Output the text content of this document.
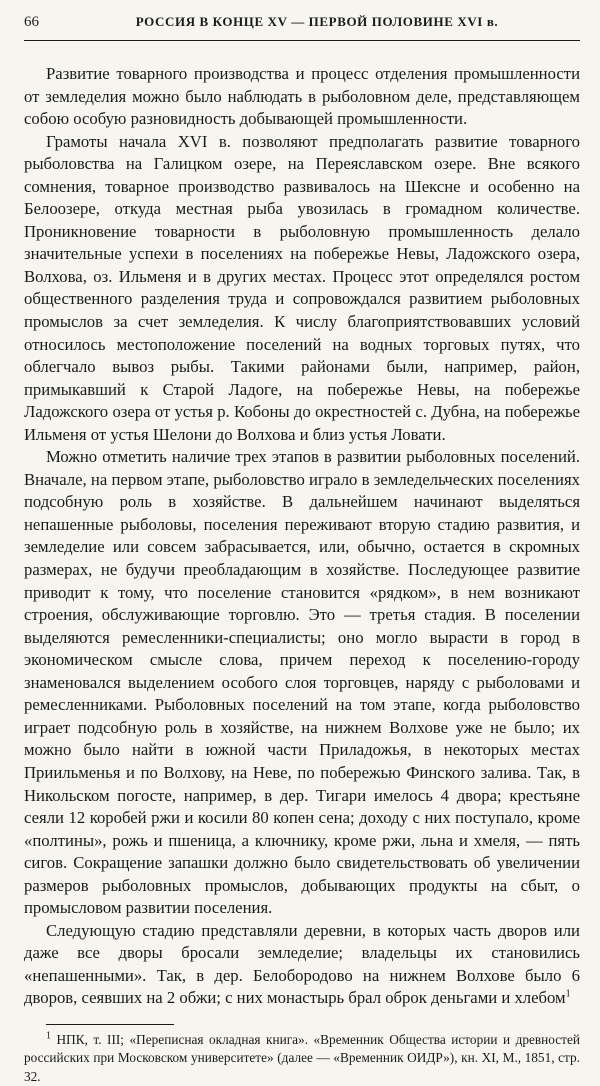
66	РОССИЯ В КОНЦЕ XV — ПЕРВОЙ ПОЛОВИНЕ XVI в.

Развитие товарного производства и процесс отделения промышленности от земледелия можно было наблюдать в рыболовном деле, представляющем собою особую разновидность добывающей промышленности.

Грамоты начала XVI в. позволяют предполагать развитие товарного рыболовства на Галицком озере, на Переяславском озере. Вне всякого сомнения, товарное производство развивалось на Шексне и особенно на Белоозере, откуда местная рыба увозилась в громадном количестве. Проникновение товарности в рыболовную промышленность делало значительные успехи в поселениях на побережье Невы, Ладожского озера, Волхова, оз. Ильменя и в других местах. Процесс этот определялся ростом общественного разделения труда и сопровождался развитием рыболовных промыслов за счет земледелия. К числу благоприятствовавших условий относилось местоположение поселений на водных торговых путях, что облегчало вывоз рыбы. Такими районами были, например, район, примыкавший к Старой Ладоге, на побережье Невы, на побережье Ладожского озера от устья р. Кобоны до окрестностей с. Дубна, на побережье Ильменя от устья Шелони до Волхова и близ устья Ловати.

Можно отметить наличие трех этапов в развитии рыболовных поселений. Вначале, на первом этапе, рыболовство играло в земледельческих поселениях подсобную роль в хозяйстве. В дальнейшем начинают выделяться непашенные рыболовы, поселения переживают вторую стадию развития, и земледелие или совсем забрасывается, или, обычно, остается в скромных размерах, не будучи преобладающим в хозяйстве. Последующее развитие приводит к тому, что поселение становится «рядком», в нем возникают строения, обслуживающие торговлю. Это — третья стадия. В поселении выделяются ремесленники-специалисты; оно могло вырасти в город в экономическом смысле слова, причем переход к поселению-городу знаменовался выделением особого слоя торговцев, наряду с рыболовами и ремесленниками. Рыболовных поселений на том этапе, когда рыболовство играет подсобную роль в хозяйстве, на нижнем Волхове уже не было; их можно было найти в южной части Приладожья, в некоторых местах Приильменья и по Волхову, на Неве, по побережью Финского залива. Так, в Никольском погосте, например, в дер. Тигари имелось 4 двора; крестьяне сеяли 12 коробей ржи и косили 80 копен сена; доходу с них поступало, кроме «полтины», рожь и пшеница, а ключнику, кроме ржи, льна и хмеля, — пять сигов. Сокращение запашки должно было свидетельствовать об увеличении размеров рыболовных промыслов, добывающих продукты на сбыт, о промысловом развитии поселения.

Следующую стадию представляли деревни, в которых часть дворов или даже все дворы бросали земледелие; владельцы их становились «непашенными». Так, в дер. Белобородово на нижнем Волхове было 6 дворов, сеявших на 2 обжи; с них монастырь брал оброк деньгами и хлебом$^1$

$^1$ НПК, т. III; «Переписная окладная книга». «Временник Общества истории и древностей российских при Московском университете» (далее — «Временник ОИДР»), кн. XI, М., 1851, стр. 32.
